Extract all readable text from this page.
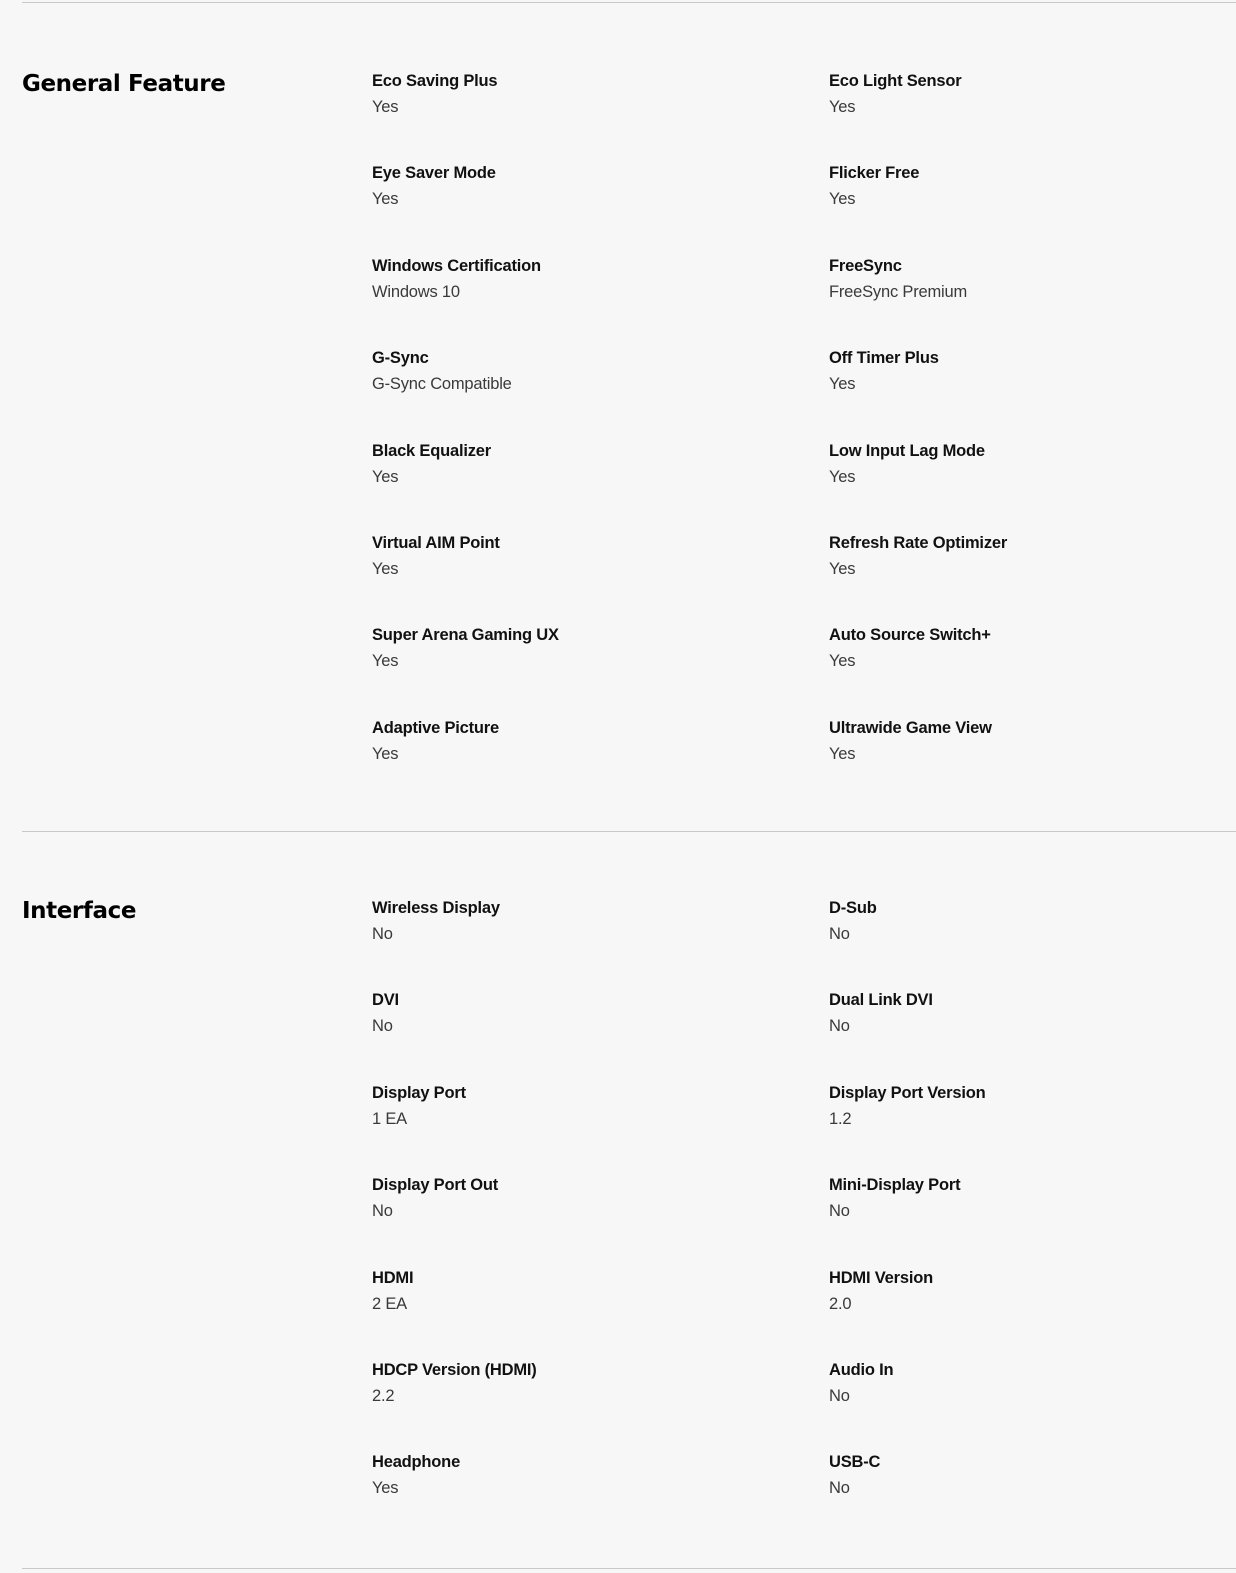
General Feature	Eco Saving Plus
Yes
Eco Light Sensor
Yes
Eye Saver Mode
Yes
Flicker Free
Yes
Windows Certification
Windows 10
FreeSync
FreeSync Premium
G-Sync
G-Sync Compatible
Off Timer Plus
Yes
Black Equalizer
Yes
Low Input Lag Mode
Yes
Virtual AIM Point
Yes
Refresh Rate Optimizer
Yes
Super Arena Gaming UX
Yes
Auto Source Switch+
Yes
Adaptive Picture
Yes
Ultrawide Game View
Yes
Interface	Wireless Display
No
D-Sub
No
DVI
No
Dual Link DVI
No
Display Port
1 EA
Display Port Version
1.2
Display Port Out
No
Mini-Display Port
No
HDMI
2 EA
HDMI Version
2.0
HDCP Version (HDMI)
2.2
Audio In
No
Headphone
Yes
USB-C
No
